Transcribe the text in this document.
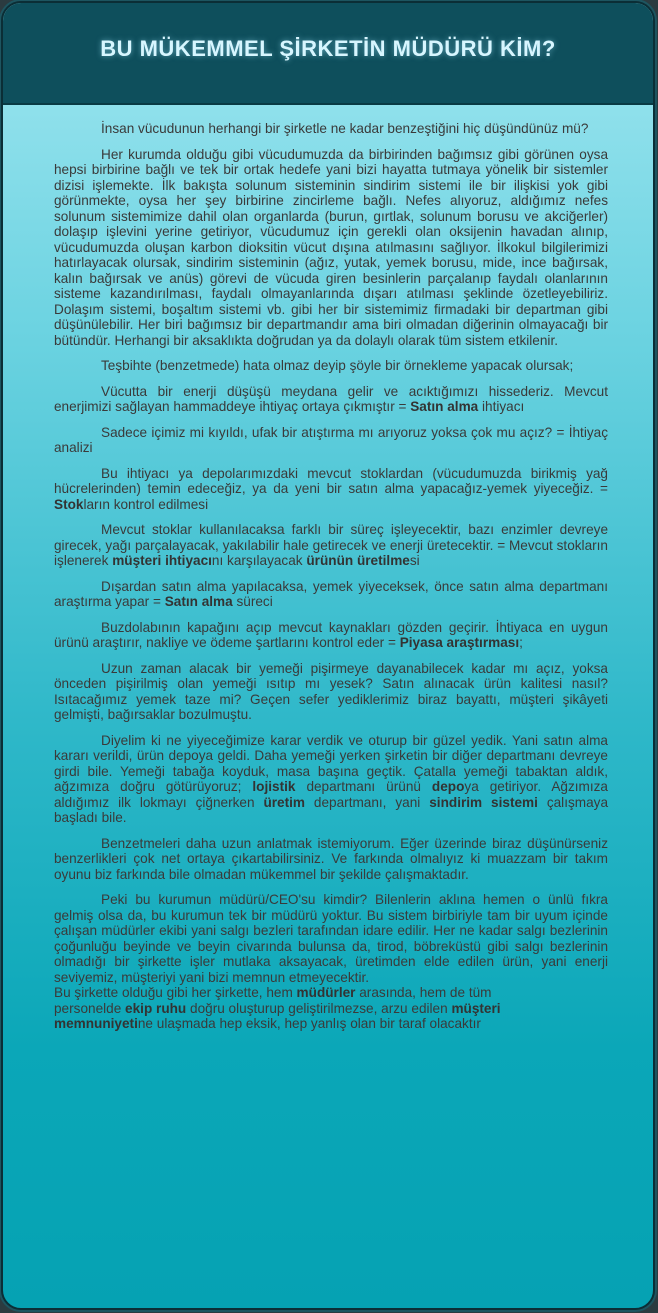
BU MÜKEMMEL ŞİRKETİN MÜDÜRÜ KİM?

İnsan vücudunun herhangi bir şirketle ne kadar benzeştiğini hiç düşündünüz mü?

Her kurumda olduğu gibi vücudumuzda da birbirinden bağımsız gibi görünen oysa hepsi birbirine bağlı ve tek bir ortak hedefe yani bizi hayatta tutmaya yönelik bir sistemler dizisi işlemekte. İlk bakışta solunum sisteminin sindirim sistemi ile bir ilişkisi yok gibi görünmekte, oysa her şey birbirine zincirleme bağlı. Nefes alıyoruz, aldığımız nefes solunum sistemimize dahil olan organlarda (burun, gırtlak, solunum borusu ve akciğerler) dolaşıp işlevini yerine getiriyor, vücudumuz için gerekli olan oksijenin havadan alınıp, vücudumuzda oluşan karbon dioksitin vücut dışına atılmasını sağlıyor. İlkokul bilgilerimizi hatırlayacak olursak, sindirim sisteminin (ağız, yutak, yemek borusu, mide, ince bağırsak, kalın bağırsak ve anüs) görevi de vücuda giren besinlerin parçalanıp faydalı olanlarının sisteme kazandırılması, faydalı olmayanlarında dışarı atılması şeklinde özetleyebiliriz. Dolaşım sistemi, boşaltım sistemi vb. gibi her bir sistemimiz firmadaki bir departman gibi düşünülebilir. Her biri bağımsız bir departmandır ama biri olmadan diğerinin olmayacağı bir bütündür. Herhangi bir aksaklıkta doğrudan ya da dolaylı olarak tüm sistem etkilenir.

Teşbihte (benzetmede) hata olmaz deyip şöyle bir örnekleme yapacak olursak;

Vücutta bir enerji düşüşü meydana gelir ve acıktığımızı hissederiz. Mevcut enerjimizi sağlayan hammaddeye ihtiyaç ortaya çıkmıştır = Satın alma ihtiyacı

Sadece içimiz mi kıyıldı, ufak bir atıştırma mı arıyoruz yoksa çok mu açız? = İhtiyaç analizi

Bu ihtiyacı ya depolarımızdaki mevcut stoklardan (vücudumuzda birikmiş yağ hücrelerinden) temin edeceğiz, ya da yeni bir satın alma yapacağız-yemek yiyeceğiz. = Stokların kontrol edilmesi

Mevcut stoklar kullanılacaksa farklı bir süreç işleyecektir, bazı enzimler devreye girecek, yağı parçalayacak, yakılabilir hale getirecek ve enerji üretecektir. = Mevcut stokların işlenerek müşteri ihtiyacını karşılayacak ürünün üretilmesi

Dışardan satın alma yapılacaksa, yemek yiyeceksek, önce satın alma departmanı araştırma yapar = Satın alma süreci

Buzdolabının kapağını açıp mevcut kaynakları gözden geçirir. İhtiyaca en uygun ürünü araştırır, nakliye ve ödeme şartlarını kontrol eder = Piyasa araştırması;

Uzun zaman alacak bir yemeği pişirmeye dayanabilecek kadar mı açız, yoksa önceden pişirilmiş olan yemeği ısıtıp mı yesek? Satın alınacak ürün kalitesi nasıl? Isıtacağımız yemek taze mi? Geçen sefer yediklerimiz biraz bayattı, müşteri şikâyeti gelmişti, bağırsaklar bozulmuştu.

Diyelim ki ne yiyeceğimize karar verdik ve oturup bir güzel yedik. Yani satın alma kararı verildi, ürün depoya geldi. Daha yemeği yerken şirketin bir diğer departmanı devreye girdi bile. Yemeği tabağa koyduk, masa başına geçtik. Çatalla yemeği tabaktan aldık, ağzımıza doğru götürüyoruz; lojistik departmanı ürünü depoya getiriyor. Ağzımıza aldığımız ilk lokmayı çiğnerken üretim departmanı, yani sindirim sistemi çalışmaya başladı bile.

Benzetmeleri daha uzun anlatmak istemiyorum. Eğer üzerinde biraz düşünürseniz benzerlikleri çok net ortaya çıkartabilirsiniz. Ve farkında olmalıyız ki muazzam bir takım oyunu biz farkında bile olmadan mükemmel bir şekilde çalışmaktadır.

Peki bu kurumun müdürü/CEO'su kimdir? Bilenlerin aklına hemen o ünlü fıkra gelmiş olsa da, bu kurumun tek bir müdürü yoktur. Bu sistem birbiriyle tam bir uyum içinde çalışan müdürler ekibi yani salgı bezleri tarafından idare edilir. Her ne kadar salgı bezlerinin çoğunluğu beyinde ve beyin civarında bulunsa da, tirod, böbreküstü gibi salgı bezlerinin olmadığı bir şirkette işler mutlaka aksayacak, üretimden elde edilen ürün, yani enerji seviyemiz, müşteriyi yani bizi memnun etmeyecektir.

Bu şirkette olduğu gibi her şirkette, hem müdürler arasında, hem de tüm personelde ekip ruhu doğru oluşturup geliştirilmezse, arzu edilen müşteri memnuniyetine ulaşmada hep eksik, hep yanlış olan bir taraf olacaktır
